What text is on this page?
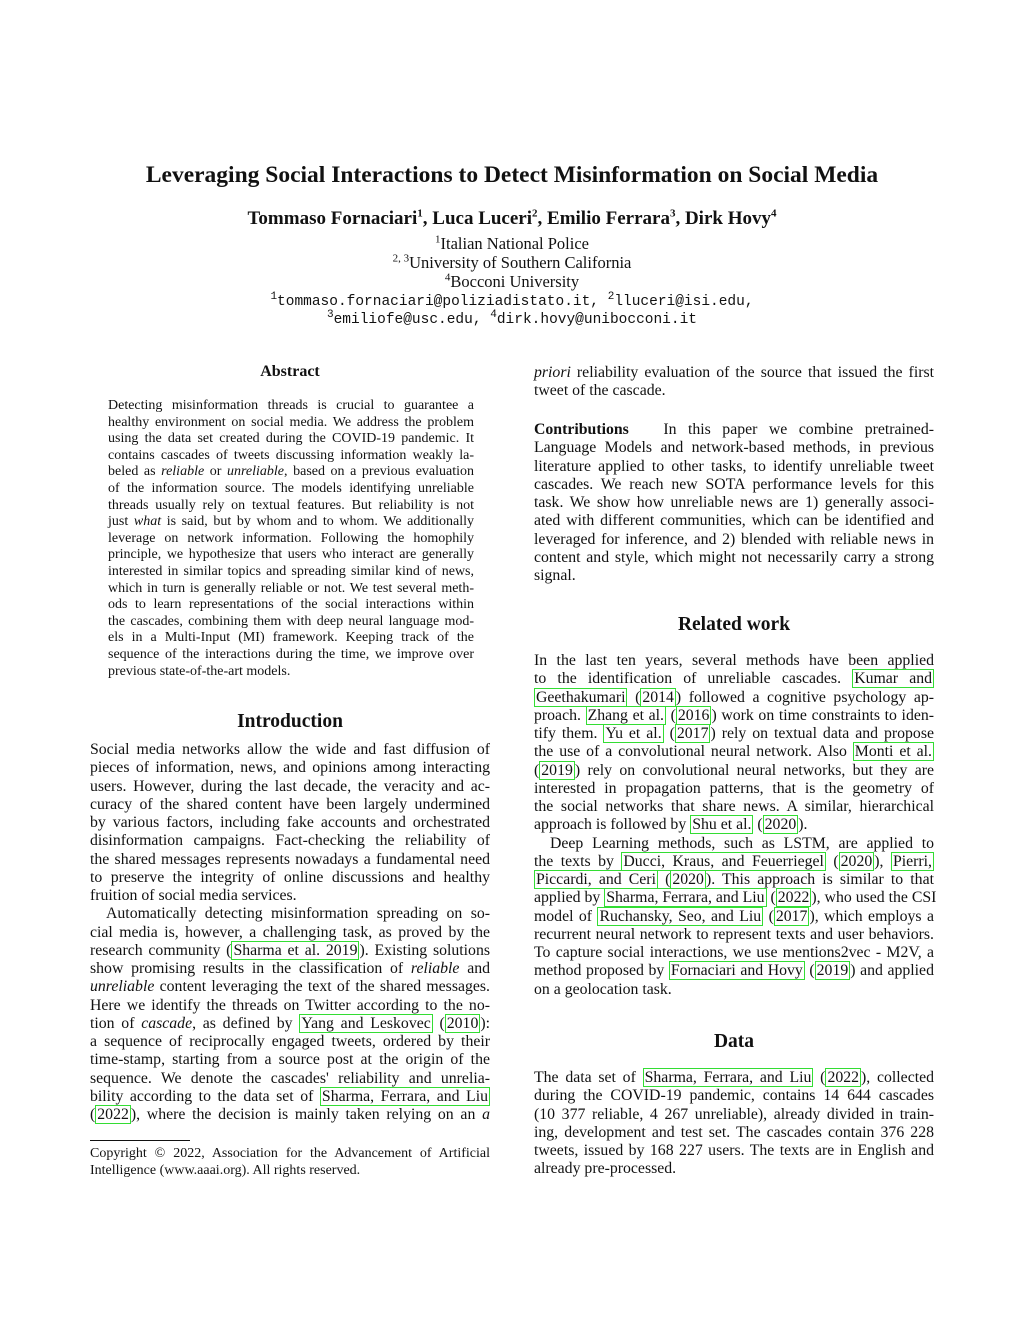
Leveraging Social Interactions to Detect Misinformation on Social Media
Tommaso Fornaciari$^1$, Luca Luceri$^2$, Emilio Ferrara$^3$, Dirk Hovy$^4$
$^1$Italian National Police
$^{2, 3}$University of Southern California
$^4$Bocconi University
$^1$tommaso.fornaciari@poliziadistato.it, $^2$lluceri@isi.edu,
$^3$emiliofe@usc.edu, $^4$dirk.hovy@unibocconi.it
Abstract
Detecting misinformation threads is crucial to guarantee a
healthy environment on social media. We address the problem
using the data set created during the COVID-19 pandemic. It
contains cascades of tweets discussing information weakly la-
beled as reliable or unreliable, based on a previous evaluation
of the information source. The models identifying unreliable
threads usually rely on textual features. But reliability is not
just what is said, but by whom and to whom. We additionally
leverage on network information. Following the homophily
principle, we hypothesize that users who interact are generally
interested in similar topics and spreading similar kind of news,
which in turn is generally reliable or not. We test several meth-
ods to learn representations of the social interactions within
the cascades, combining them with deep neural language mod-
els in a Multi-Input (MI) framework. Keeping track of the
sequence of the interactions during the time, we improve over
previous state-of-the-art models.
Introduction
Social media networks allow the wide and fast diffusion of
pieces of information, news, and opinions among interacting
users. However, during the last decade, the veracity and ac-
curacy of the shared content have been largely undermined
by various factors, including fake accounts and orchestrated
disinformation campaigns. Fact-checking the reliability of
the shared messages represents nowadays a fundamental need
to preserve the integrity of online discussions and healthy
fruition of social media services.
Automatically detecting misinformation spreading on so-
cial media is, however, a challenging task, as proved by the
research community ( Sharma et al. 2019 ). Existing solutions
show promising results in the classification of reliable and
unreliable content leveraging the text of the shared messages.
Here we identify the threads on Twitter according to the no-
tion of cascade, as defined by Yang and Leskovec ( 2010 ):
a sequence of reciprocally engaged tweets, ordered by their
time-stamp, starting from a source post at the origin of the
sequence. We denote the cascades' reliability and unrelia-
bility according to the data set of Sharma, Ferrara, and Liu
( 2022 ), where the decision is mainly taken relying on an a
Copyright © 2022, Association for the Advancement of Artificial
Intelligence (www.aaai.org). All rights reserved.
priori reliability evaluation of the source that issued the first
tweet of the cascade.
Contributions In this paper we combine pretrained-
Language Models and network-based methods, in previous
literature applied to other tasks, to identify unreliable tweet
cascades. We reach new SOTA performance levels for this
task. We show how unreliable news are 1) generally associ-
ated with different communities, which can be identified and
leveraged for inference, and 2) blended with reliable news in
content and style, which might not necessarily carry a strong
signal.
Related work
In the last ten years, several methods have been applied
to the identification of unreliable cascades. Kumar and
Geethakumari ( 2014 ) followed a cognitive psychology ap-
proach. Zhang et al. ( 2016 ) work on time constraints to iden-
tify them. Yu et al. ( 2017 ) rely on textual data and propose
the use of a convolutional neural network. Also Monti et al.
( 2019 ) rely on convolutional neural networks, but they are
interested in propagation patterns, that is the geometry of
the social networks that share news. A similar, hierarchical
approach is followed by Shu et al. ( 2020 ).
Deep Learning methods, such as LSTM, are applied to
the texts by Ducci, Kraus, and Feuerriegel ( 2020 ), Pierri,
Piccardi, and Ceri ( 2020 ). This approach is similar to that
applied by Sharma, Ferrara, and Liu ( 2022 ), who used the CSI
model of Ruchansky, Seo, and Liu ( 2017 ), which employs a
recurrent neural network to represent texts and user behaviors.
To capture social interactions, we use mentions2vec - M2V, a
method proposed by Fornaciari and Hovy ( 2019 ) and applied
on a geolocation task.
Data
The data set of Sharma, Ferrara, and Liu ( 2022 ), collected
during the COVID-19 pandemic, contains 14 644 cascades
(10 377 reliable, 4 267 unreliable), already divided in train-
ing, development and test set. The cascades contain 376 228
tweets, issued by 168 227 users. The texts are in English and
already pre-processed.
